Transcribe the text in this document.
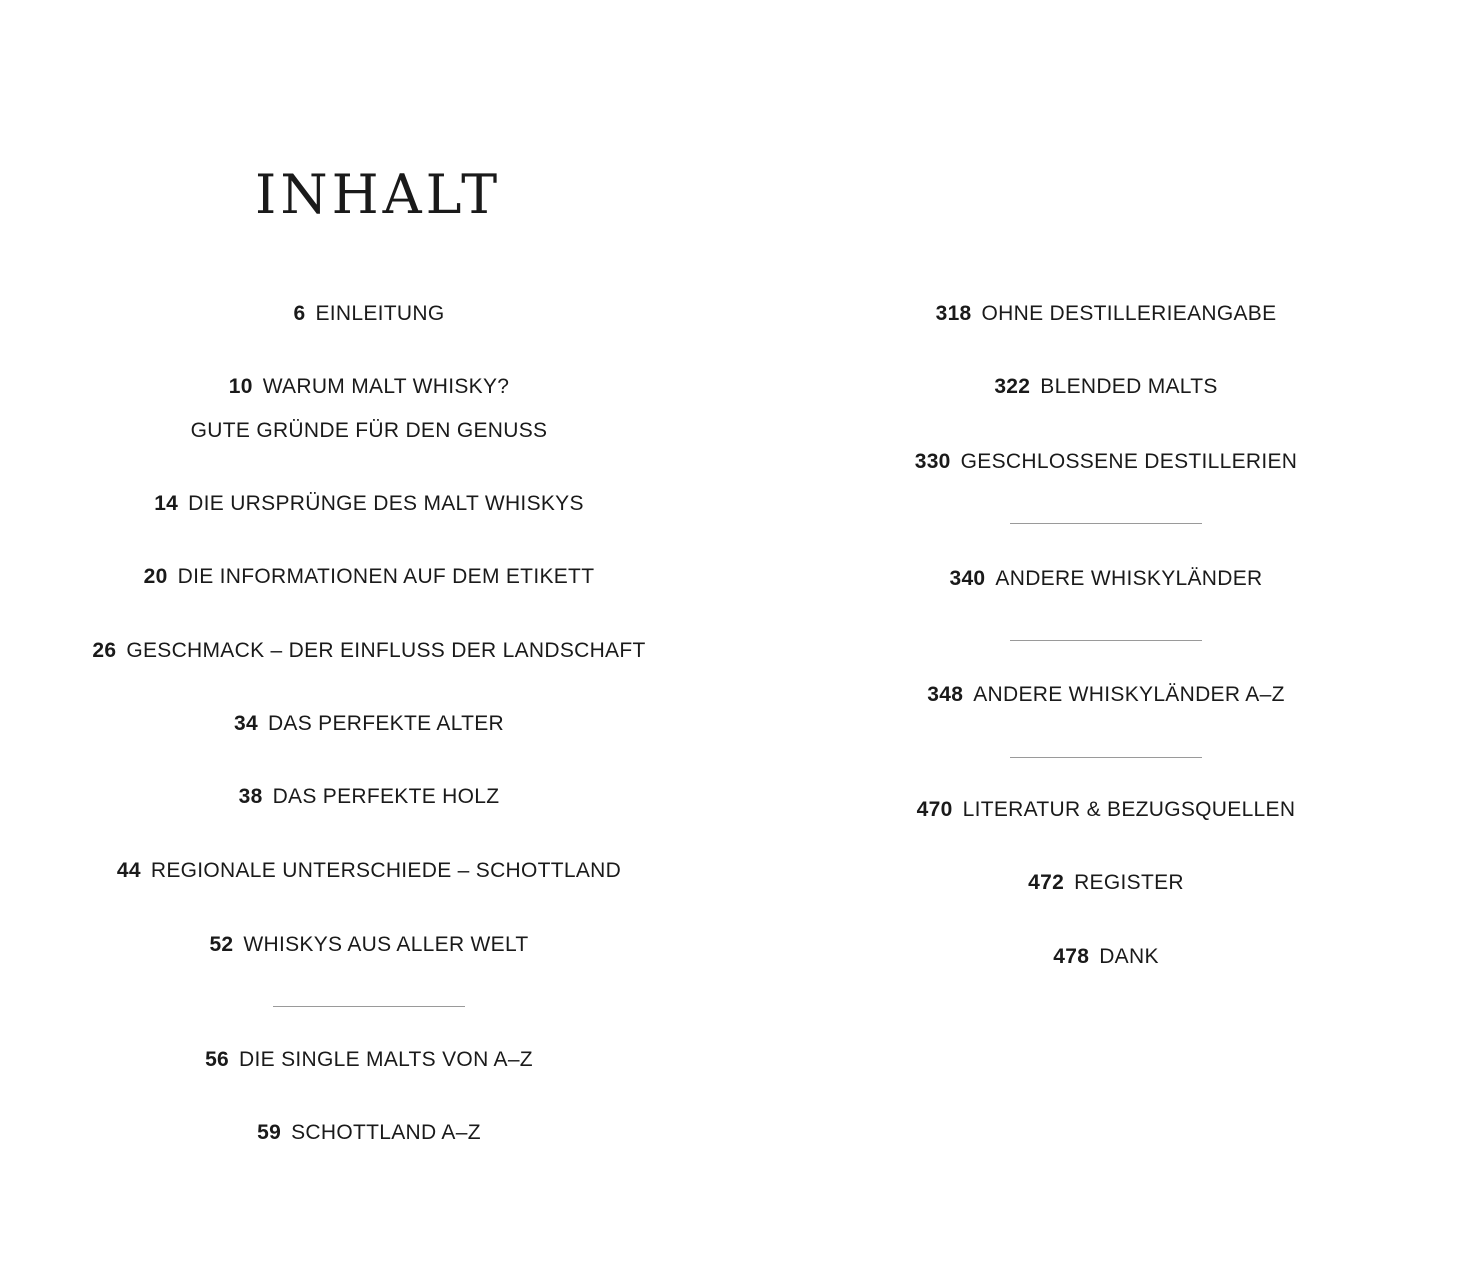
INHALT
6 EINLEITUNG
10 WARUM MALT WHISKY?
GUTE GRÜNDE FÜR DEN GENUSS
14 DIE URSPRÜNGE DES MALT WHISKYS
20 DIE INFORMATIONEN AUF DEM ETIKETT
26 GESCHMACK – DER EINFLUSS DER LANDSCHAFT
34 DAS PERFEKTE ALTER
38 DAS PERFEKTE HOLZ
44 REGIONALE UNTERSCHIEDE – SCHOTTLAND
52 WHISKYS AUS ALLER WELT
56 DIE SINGLE MALTS VON A–Z
59 SCHOTTLAND A–Z
318 OHNE DESTILLERIEANGABE
322 BLENDED MALTS
330 GESCHLOSSENE DESTILLERIEN
340 ANDERE WHISKYLÄNDER
348 ANDERE WHISKYLÄNDER A–Z
470 LITERATUR & BEZUGSQUELLEN
472 REGISTER
478 DANK
